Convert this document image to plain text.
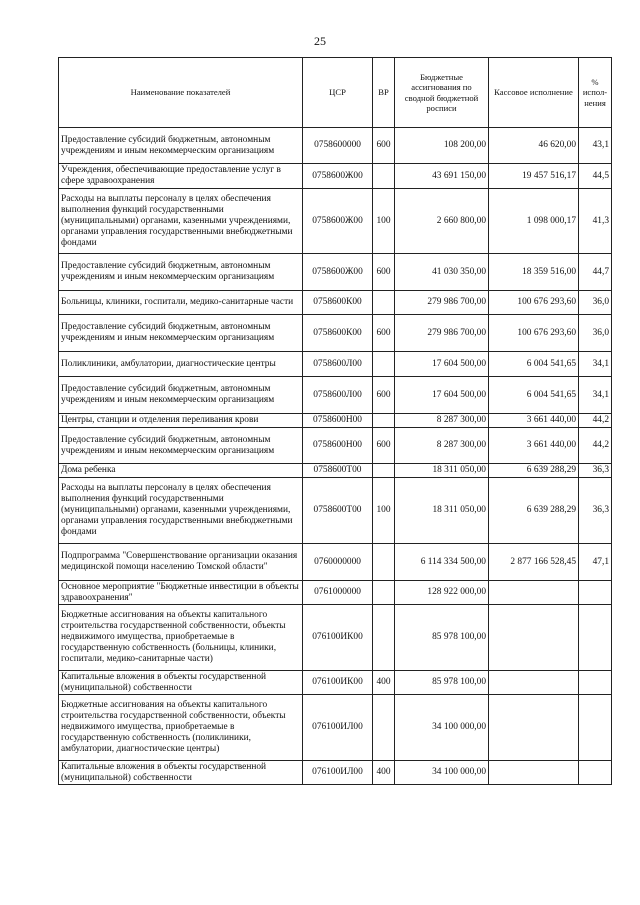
25
Наименование показателей	ЦСР	ВР	Бюджетные ассигнования по сводной бюджетной росписи	Кассовое исполнение	% испол-нения
Предоставление субсидий бюджетным, автономным учреждениям и иным некоммерческим организациям	0758600000	600	108 200,00	46 620,00	43,1
Учреждения, обеспечивающие предоставление услуг в сфере здравоохранения	0758600Ж00		43 691 150,00	19 457 516,17	44,5
Расходы на выплаты персоналу в целях обеспечения выполнения функций государственными (муниципальными) органами, казенными учреждениями, органами управления государственными внебюджетными фондами	0758600Ж00	100	2 660 800,00	1 098 000,17	41,3
Предоставление субсидий бюджетным, автономным учреждениям и иным некоммерческим организациям	0758600Ж00	600	41 030 350,00	18 359 516,00	44,7
Больницы, клиники, госпитали, медико-санитарные части	0758600К00		279 986 700,00	100 676 293,60	36,0
Предоставление субсидий бюджетным, автономным учреждениям и иным некоммерческим организациям	0758600К00	600	279 986 700,00	100 676 293,60	36,0
Поликлиники, амбулатории, диагностические центры	0758600Л00		17 604 500,00	6 004 541,65	34,1
Предоставление субсидий бюджетным, автономным учреждениям и иным некоммерческим организациям	0758600Л00	600	17 604 500,00	6 004 541,65	34,1
Центры, станции и отделения переливания крови	0758600Н00		8 287 300,00	3 661 440,00	44,2
Предоставление субсидий бюджетным, автономным учреждениям и иным некоммерческим организациям	0758600Н00	600	8 287 300,00	3 661 440,00	44,2
Дома ребенка	0758600Т00		18 311 050,00	6 639 288,29	36,3
Расходы на выплаты персоналу в целях обеспечения выполнения функций государственными (муниципальными) органами, казенными учреждениями, органами управления государственными внебюджетными фондами	0758600Т00	100	18 311 050,00	6 639 288,29	36,3
Подпрограмма "Совершенствование организации оказания медицинской помощи населению Томской области"	0760000000		6 114 334 500,00	2 877 166 528,45	47,1
Основное мероприятие "Бюджетные инвестиции в объекты здравоохранения"	0761000000		128 922 000,00		
Бюджетные ассигнования на объекты капитального строительства государственной собственности, объекты недвижимого имущества, приобретаемые в государственную собственность (больницы, клиники, госпитали, медико-санитарные части)	076100ИК00		85 978 100,00		
Капитальные вложения в объекты государственной (муниципальной) собственности	076100ИК00	400	85 978 100,00		
Бюджетные ассигнования на объекты капитального строительства государственной собственности, объекты недвижимого имущества, приобретаемые в государственную собственность (поликлиники, амбулатории, диагностические центры)	076100ИЛ00		34 100 000,00		
Капитальные вложения в объекты государственной (муниципальной) собственности	076100ИЛ00	400	34 100 000,00		
